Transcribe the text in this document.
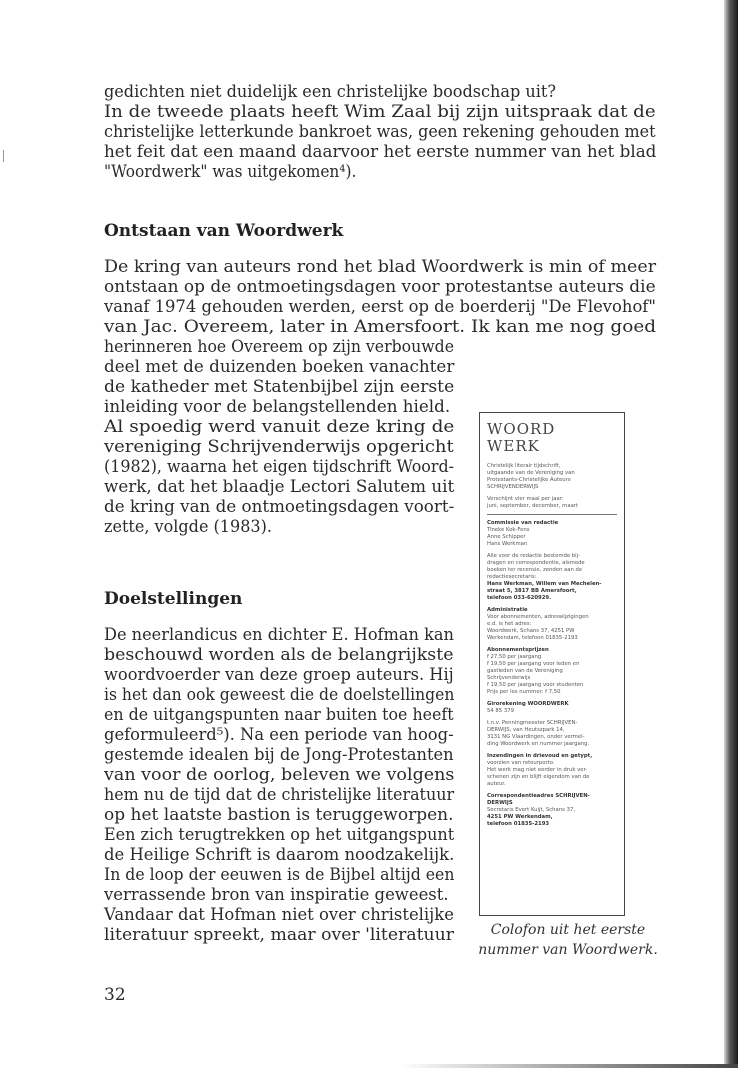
gedichten niet duidelijk een christelijke boodschap uit?
In de tweede plaats heeft Wim Zaal bij zijn uitspraak dat de
christelijke letterkunde bankroet was, geen rekening gehouden met
het feit dat een maand daarvoor het eerste nummer van het blad
"Woordwerk" was uitgekomen⁴).
Ontstaan van Woordwerk
De kring van auteurs rond het blad Woordwerk is min of meer
ontstaan op de ontmoetingsdagen voor protestantse auteurs die
vanaf 1974 gehouden werden, eerst op de boerderij "De Flevohof"
van Jac. Overeem, later in Amersfoort. Ik kan me nog goed
herinneren hoe Overeem op zijn verbouwde
deel met de duizenden boeken vanachter
de katheder met Statenbijbel zijn eerste
inleiding voor de belangstellenden hield.
Al spoedig werd vanuit deze kring de
vereniging Schrijvenderwijs opgericht
(1982), waarna het eigen tijdschrift Woord-
werk, dat het blaadje Lectori Salutem uit
de kring van de ontmoetingsdagen voort-
zette, volgde (1983).
Doelstellingen
De neerlandicus en dichter E. Hofman kan
beschouwd worden als de belangrijkste
woordvoerder van deze groep auteurs. Hij
is het dan ook geweest die de doelstellingen
en de uitgangspunten naar buiten toe heeft
geformuleerd⁵). Na een periode van hoog-
gestemde idealen bij de Jong-Protestanten
van voor de oorlog, beleven we volgens
hem nu de tijd dat de christelijke literatuur
op het laatste bastion is teruggeworpen.
Een zich terugtrekken op het uitgangspunt
de Heilige Schrift is daarom noodzakelijk.
In de loop der eeuwen is de Bijbel altijd een
verrassende bron van inspiratie geweest.
Vandaar dat Hofman niet over christelijke
literatuur spreekt, maar over 'literatuur
32
WOORD
WERK
Christelijk literair tijdschrift,
uitgaande van de Vereniging van
Protestants-Christelijke Auteurs
SCHRIJVENDERWIJS
Verschijnt vier maal per jaar:
juni, september, december, maart
Commissie van redactie
Tineke Kok-Fens
Anne Schipper
Hans Werkman
Alle voor de redactie bestemde bij-
dragen en correspondentie, alsmede
boeken ter recensie, zenden aan de
redactiesecretaris:
Hans Werkman, Willem van Mechelen-
straat 5, 3817 BB Amersfoort,
telefoon 033-620929.
Administratie
Voor abonnementen, adreswijzigingen
e.d. is het adres:
Woordwerk, Schans 37, 4251 PW
Werkendam, telefoon 01835-2193
Abonnementsprijzen
f 27,50 per jaargang
f 19,50 per jaargang voor leden en
gastleden van de Vereniging
Schrijvenderwijs
f 19,50 per jaargang voor studenten
Prijs per los nummer: f 7,50
Girorekening WOORDWERK
54 85 379
t.n.v. Penningmeester SCHRIJVEN-
DERWIJS, van Heutszpark 14,
3131 NG Vlaardingen, onder vermel-
ding Woordwerk en nummer jaargang.
Inzendingen in drievoud en getypt,
voorzien van retourporto.
Het werk mag niet eerder in druk ver-
schenen zijn en blijft eigendom van de
auteur.
Correspondentieadres SCHRIJVEN-
DERWIJS
Secretaris Evert Kuijt, Schans 37,
4251 PW Werkendam,
telefoon 01835-2193
Colofon uit het eerste
nummer van Woordwerk.
